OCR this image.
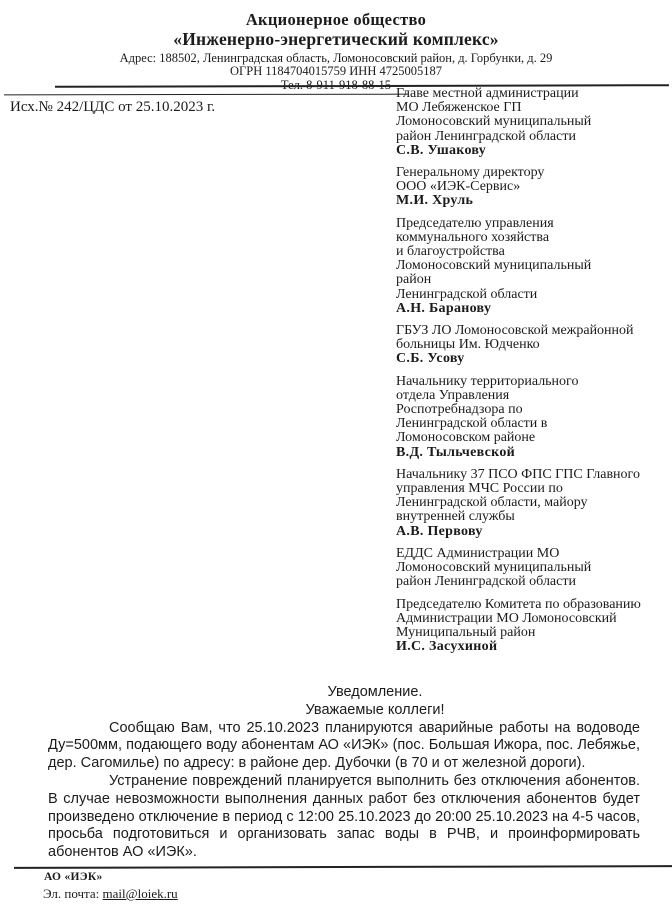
Акционерное общество
«Инженерно-энергетический комплекс»
Адрес: 188502, Ленинградская область, Ломоносовский район, д. Горбунки, д. 29
ОГРН 1184704015759 ИНН 4725005187
Тел. 8-911-918-88-15
Исх.№ 242/ЦДС от 25.10.2023 г.
Главе местной администрации
МО Лебяженское ГП
Ломоносовский муниципальный
район Ленинградской области
С.В. Ушакову
Генеральному директору
ООО «ИЭК-Сервис»
М.И. Хруль
Председателю управления
коммунального хозяйства
и благоустройства
Ломоносовский муниципальный
район
Ленинградской области
А.Н. Баранову
ГБУЗ ЛО Ломоносовской межрайонной
больницы Им. Юдченко
С.Б. Усову
Начальнику территориального
отдела Управления
Роспотребнадзора по
Ленинградской области в
Ломоносовском районе
В.Д. Тыльчевской
Начальнику 37 ПСО ФПС ГПС Главного
управления МЧС России по
Ленинградской области, майору
внутренней службы
А.В. Первову
ЕДДС Администрации МО
Ломоносовский муниципальный
район Ленинградской области
Председателю Комитета по образованию
Администрации МО Ломоносовский
Муниципальный район
И.С. Засухиной
Уведомление.
Уважаемые коллеги!

Сообщаю Вам, что 25.10.2023 планируются аварийные работы на водоводе Ду=500мм, подающего воду абонентам АО «ИЭК» (пос. Большая Ижора, пос. Лебяжье, дер. Сагомилье) по адресу: в районе дер. Дубочки (в 70 и от железной дороги).

Устранение повреждений планируется выполнить без отключения абонентов. В случае невозможности выполнения данных работ без отключения абонентов будет произведено отключение в период с 12:00 25.10.2023 до 20:00 25.10.2023 на 4-5 часов, просьба подготовиться и организовать запас воды в РЧВ, и проинформировать абонентов АО «ИЭК».

АО «ИЭК»
Эл. почта: mail@loiek.ru
